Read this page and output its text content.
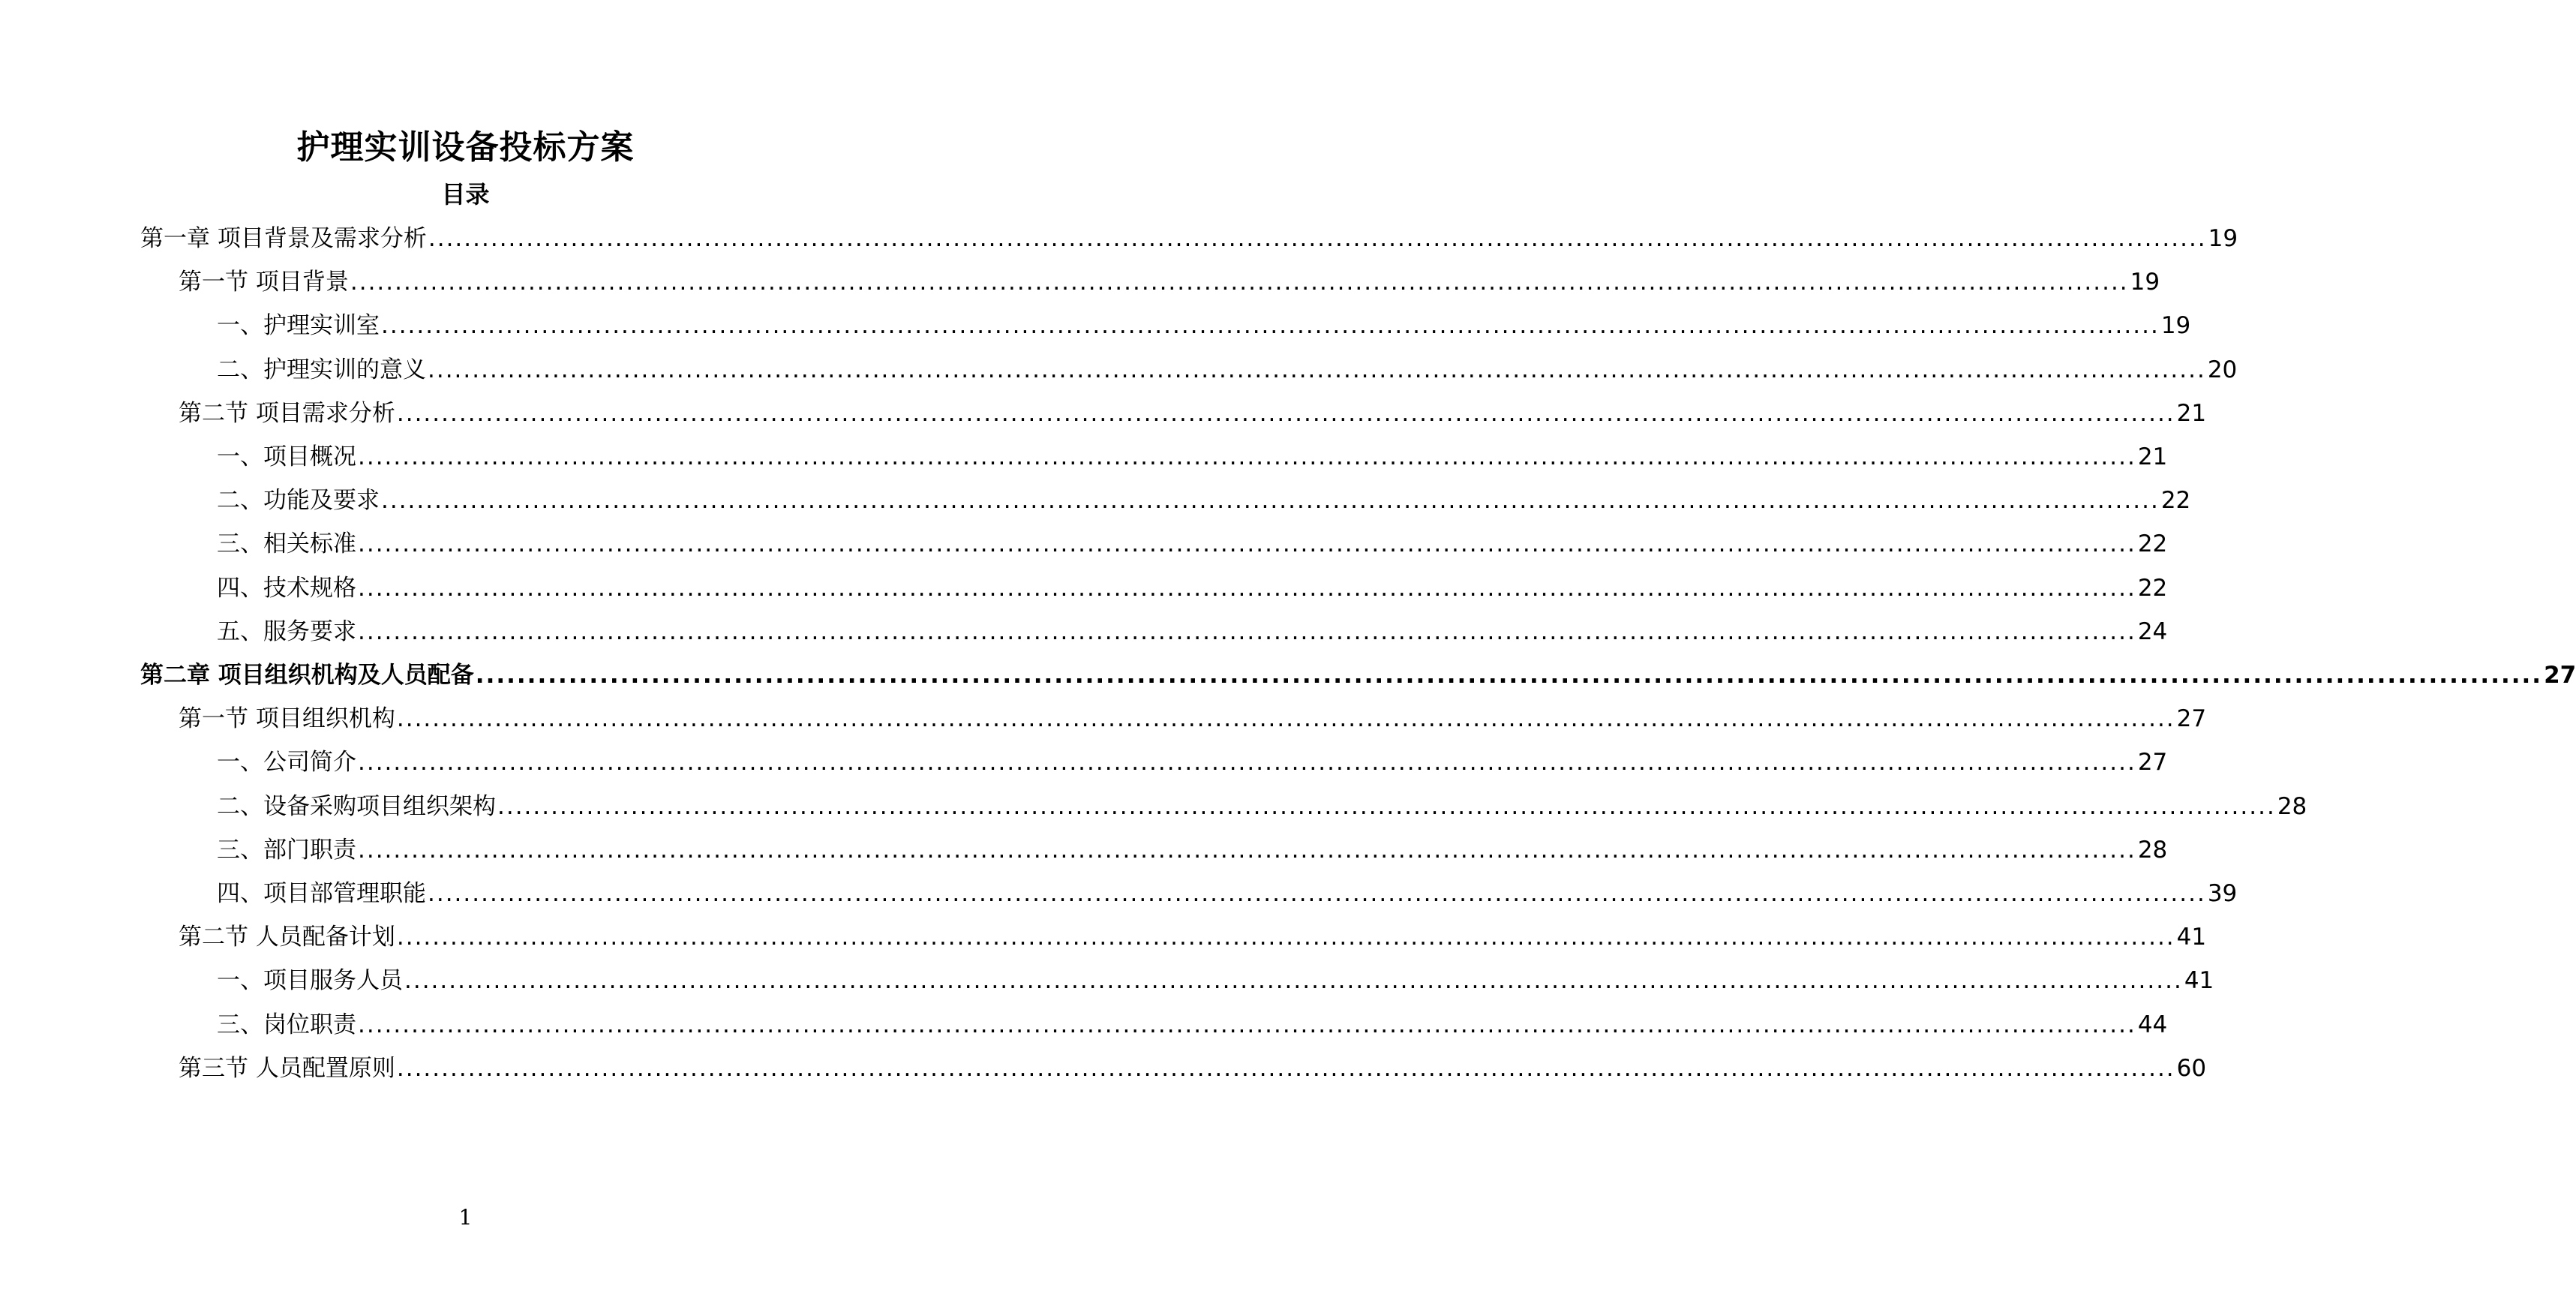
护理实训设备投标方案
目录
第一章 项目背景及需求分析 ........................................................................................................................................................................................................ 19
第一节 项目背景 ........................................................................................................................................................................................................ 19
一、护理实训室 ........................................................................................................................................................................................................ 19
二、护理实训的意义 ........................................................................................................................................................................................................ 20
第二节 项目需求分析 ........................................................................................................................................................................................................ 21
一、项目概况 ........................................................................................................................................................................................................ 21
二、功能及要求 ........................................................................................................................................................................................................ 22
三、相关标准 ........................................................................................................................................................................................................ 22
四、技术规格 ........................................................................................................................................................................................................ 22
五、服务要求 ........................................................................................................................................................................................................ 24
第二章 项目组织机构及人员配备 ........................................................................................................................................................................................................ 27
第一节 项目组织机构 ........................................................................................................................................................................................................ 27
一、公司简介 ........................................................................................................................................................................................................ 27
二、设备采购项目组织架构 ........................................................................................................................................................................................................ 28
三、部门职责 ........................................................................................................................................................................................................ 28
四、项目部管理职能 ........................................................................................................................................................................................................ 39
第二节 人员配备计划 ........................................................................................................................................................................................................ 41
一、项目服务人员 ........................................................................................................................................................................................................ 41
三、岗位职责 ........................................................................................................................................................................................................ 44
第三节 人员配置原则 ........................................................................................................................................................................................................ 60
1
